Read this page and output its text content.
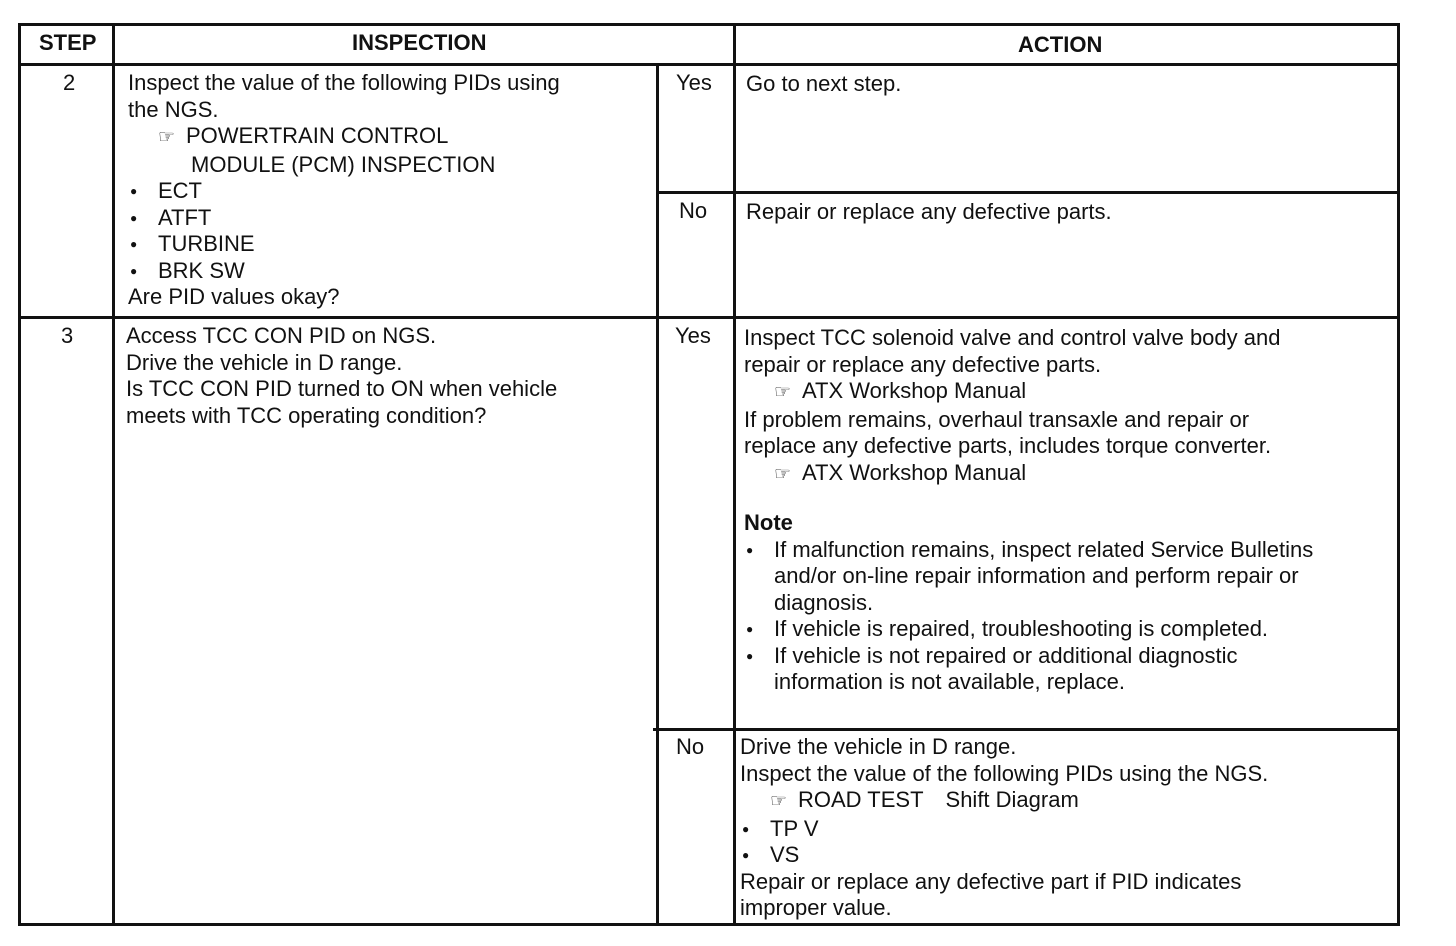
STEP	INSPECTION	ACTION
2 Inspect the value of the following PIDs using
the NGS.
☞ POWERTRAIN CONTROL
MODULE (PCM) INSPECTION
● ECT
● ATFT
● TURBINE
● BRK SW
Are PID values okay?
Yes Go to next step.
No Repair or replace any defective parts.
3 Access TCC CON PID on NGS.
Drive the vehicle in D range.
Is TCC CON PID turned to ON when vehicle
meets with TCC operating condition?
Yes Inspect TCC solenoid valve and control valve body and
repair or replace any defective parts.
☞ ATX Workshop Manual
If problem remains, overhaul transaxle and repair or
replace any defective parts, includes torque converter.
☞ ATX Workshop Manual
Note
● If malfunction remains, inspect related Service Bulletins
and/or on-line repair information and perform repair or
diagnosis.
● If vehicle is repaired, troubleshooting is completed.
● If vehicle is not repaired or additional diagnostic
information is not available, replace.
No Drive the vehicle in D range.
Inspect the value of the following PIDs using the NGS.
☞ ROAD TEST Shift Diagram
● TP V
● VS
Repair or replace any defective part if PID indicates
improper value.
